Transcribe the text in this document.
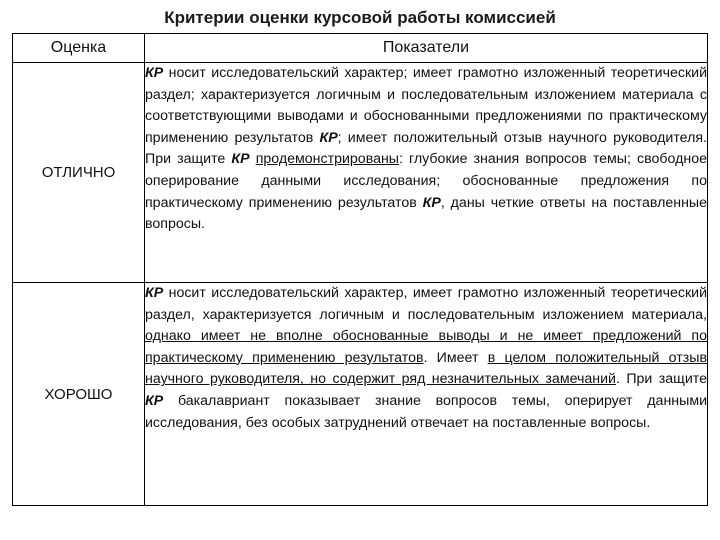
Критерии оценки курсовой работы комиссией
Оценка	Показатели
ОТЛИЧНО	КР носит исследовательский характер; имеет грамотно изложенный теоретический раздел; характеризуется логичным и последовательным изложением материала с соответствующими выводами и обоснованными предложениями по практическому применению результатов КР; имеет положительный отзыв научного руководителя. При защите КР продемонстрированы: глубокие знания вопросов темы; свободное оперирование данными исследования; обоснованные предложения по практическому применению результатов КР, даны четкие ответы на поставленные вопросы.
ХОРОШО	КР носит исследовательский характер, имеет грамотно изложенный теоретический раздел, характеризуется логичным и последовательным изложением материала, однако имеет не вполне обоснованные выводы и не имеет предложений по практическому применению результатов. Имеет в целом положительный отзыв научного руководителя, но содержит ряд незначительных замечаний. При защите КР бакалавриант показывает знание вопросов темы, оперирует данными исследования, без особых затруднений отвечает на поставленные вопросы.
